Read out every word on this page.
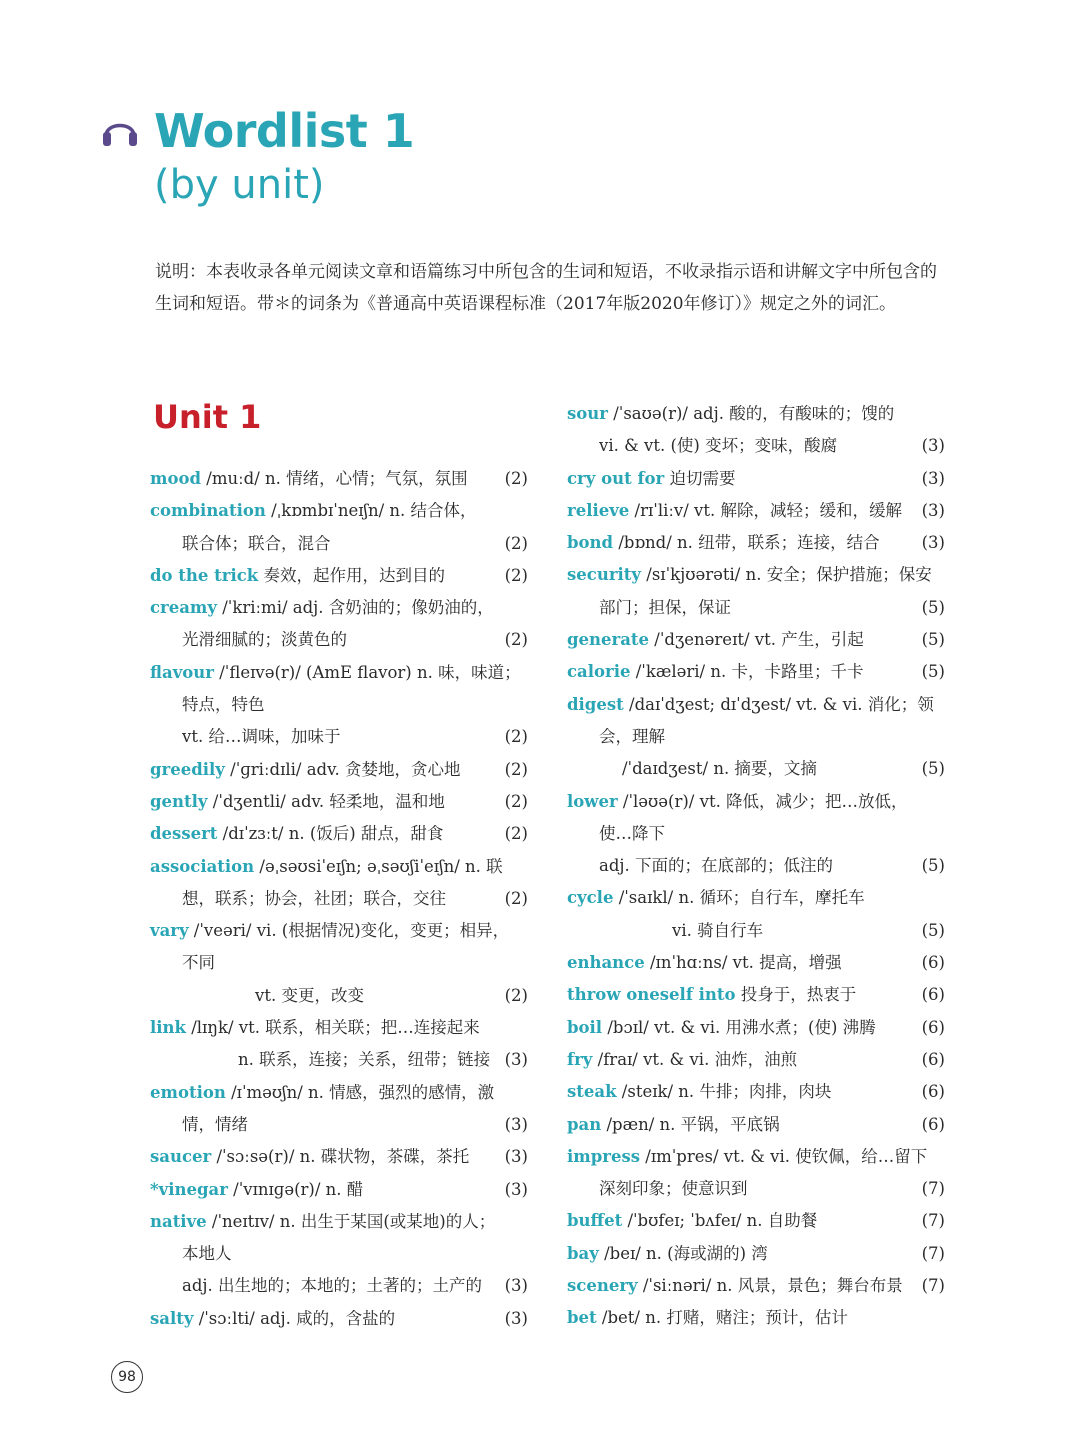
Wordlist 1
(by unit)

说明：本表收录各单元阅读文章和语篇练习中所包含的生词和短语，不收录指示语和讲解文字中所包含的生词和短语。带＊的词条为《普通高中英语课程标准（2017年版2020年修订）》规定之外的词汇。

Unit 1
mood /muːd/ n. 情绪，心情；气氛，氛围 (2)
combination /ˌkɒmbɪˈneɪʃn/ n. 结合体，
联合体；联合，混合	(2)
do the trick 奏效，起作用，达到目的	(2)
creamy /ˈkriːmi/ adj. 含奶油的；像奶油的，
光滑细腻的；淡黄色的	(2)
flavour /ˈfleɪvə(r)/ (AmE flavor) n. 味，味道；
特点，特色
vt. 给…调味，加味于	(2)
greedily /ˈɡriːdɪli/ adv. 贪婪地，贪心地	(2)
gently /ˈdʒentli/ adv. 轻柔地，温和地	(2)
dessert /dɪˈzɜːt/ n. (饭后) 甜点，甜食	(2)
association /əˌsəʊsiˈeɪʃn; əˌsəʊʃiˈeɪʃn/ n. 联
想，联系；协会，社团；联合，交往	(2)
vary /ˈveəri/ vi. (根据情况)变化，变更；相异，
不同
vt. 变更，改变	(2)
link /lɪŋk/ vt. 联系，相关联；把…连接起来
n. 联系，连接；关系，纽带；链接 (3)
emotion /ɪˈməʊʃn/ n. 情感，强烈的感情，激
情，情绪	(3)
saucer /ˈsɔːsə(r)/ n. 碟状物，茶碟，茶托 (3)
*vinegar /ˈvɪnɪɡə(r)/ n. 醋	(3)
native /ˈneɪtɪv/ n. 出生于某国(或某地)的人；
本地人
adj. 出生地的；本地的；土著的；土产的 (3)
salty /ˈsɔːlti/ adj. 咸的，含盐的	(3)
sour /ˈsaʊə(r)/ adj. 酸的，有酸味的；馊的
vi. & vt. (使) 变坏；变味，酸腐	(3)
cry out for 迫切需要	(3)
relieve /rɪˈliːv/ vt. 解除，减轻；缓和，缓解 (3)
bond /bɒnd/ n. 纽带，联系；连接，结合	(3)
security /sɪˈkjʊərəti/ n. 安全；保护措施；保安
部门；担保，保证	(5)
generate /ˈdʒenəreɪt/ vt. 产生，引起	(5)
calorie /ˈkæləri/ n. 卡，卡路里；千卡	(5)
digest /daɪˈdʒest; dɪˈdʒest/ vt. & vi. 消化；领
会，理解
/ˈdaɪdʒest/ n. 摘要，文摘	(5)
lower /ˈləʊə(r)/ vt. 降低，减少；把…放低，
使…降下
adj. 下面的；在底部的；低注的	(5)
cycle /ˈsaɪkl/ n. 循环；自行车，摩托车
vi. 骑自行车	(5)
enhance /ɪnˈhɑːns/ vt. 提高，增强	(6)
throw oneself into 投身于，热衷于	(6)
boil /bɔɪl/ vt. & vi. 用沸水煮；(使) 沸腾	(6)
fry /fraɪ/ vt. & vi. 油炸，油煎	(6)
steak /steɪk/ n. 牛排；肉排，肉块	(6)
pan /pæn/ n. 平锅，平底锅	(6)
impress /ɪmˈpres/ vt. & vi. 使钦佩，给…留下
深刻印象；使意识到	(7)
buffet /ˈbʊfeɪ; ˈbʌfeɪ/ n. 自助餐	(7)
bay /beɪ/ n. (海或湖的) 湾	(7)
scenery /ˈsiːnəri/ n. 风景，景色；舞台布景 (7)
bet /bet/ n. 打赌，赌注；预计，估计
98
